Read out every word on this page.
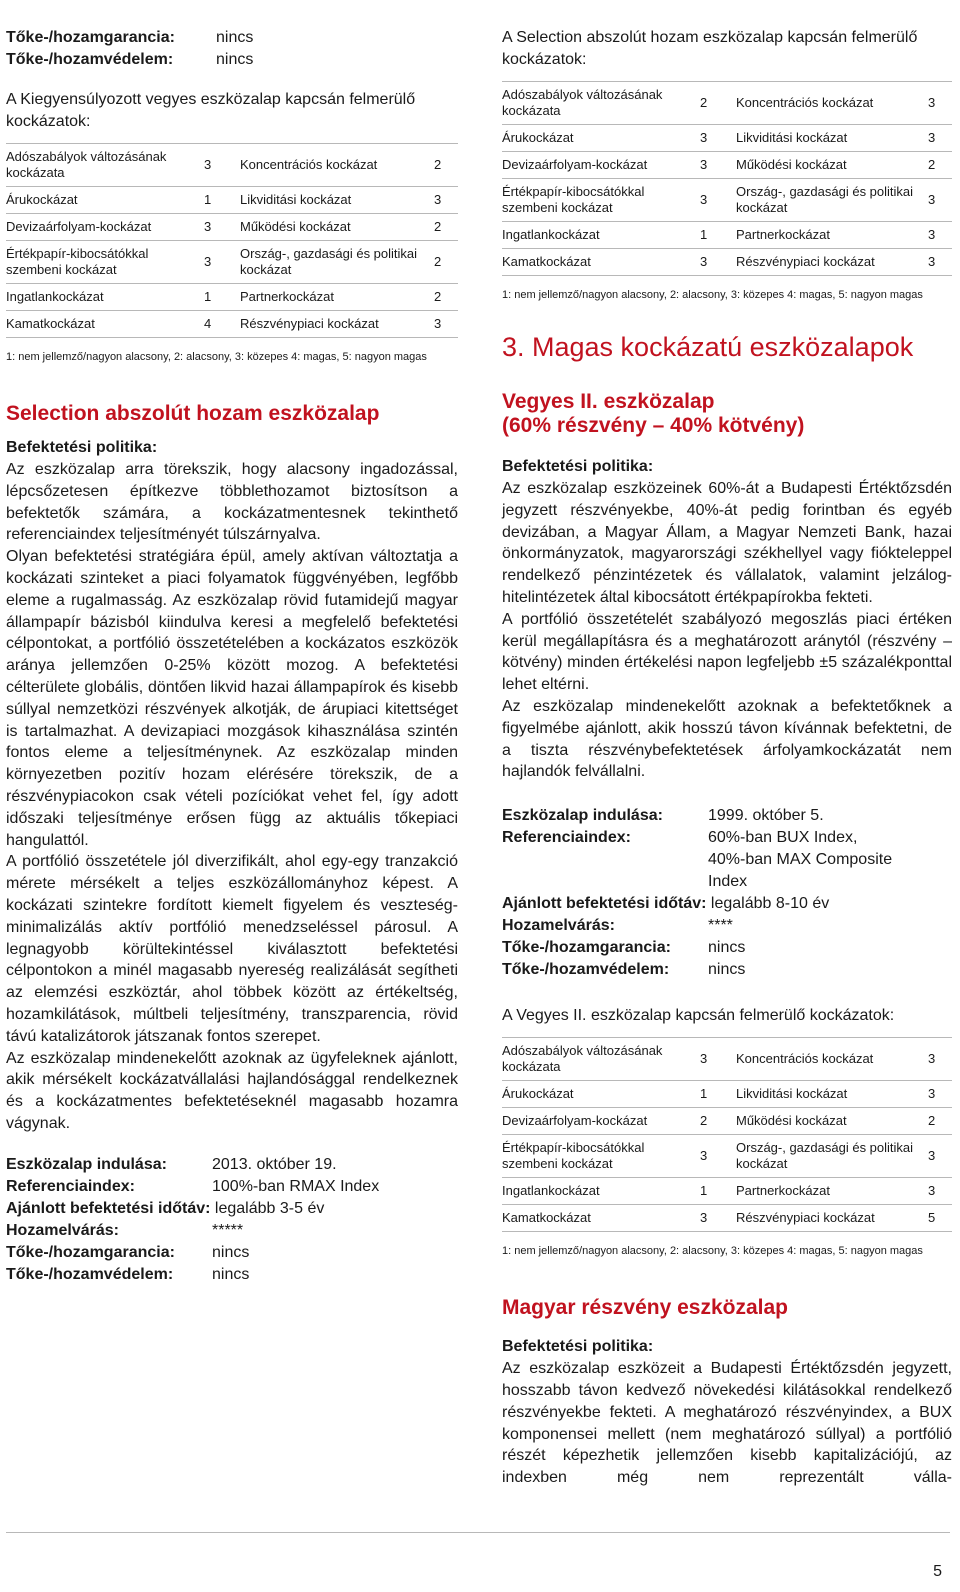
Tőke-/hozamgarancia:	nincs
Tőke-/hozamvédelem:	nincs

A Kiegyensúlyozott vegyes eszközalap kapcsán felmerülő kockázatok:

Adószabályok változásának kockázata	3	Koncentrációs kockázat	2
Árukockázat	1	Likviditási kockázat	3
Devizaárfolyam-kockázat	3	Működési kockázat	2
Értékpapír-kibocsátókkal szembeni kockázat	3	Ország-, gazdasági és politikai kockázat	2
Ingatlankockázat	1	Partnerkockázat	2
Kamatkockázat	4	Részvénypiaci kockázat	3
1: nem jellemző/nagyon alacsony, 2: alacsony, 3: közepes 4: magas, 5: nagyon magas
Selection abszolút hozam eszközalap

Befektetési politika:

Az eszközalap arra törekszik, hogy alacsony ingadozással, lépcsőzetesen építkezve többlethozamot biztosítson a befektetők számára, a kockázatmentesnek tekinthető referenciaindex teljesítményét túlszárnyalva.

Olyan befektetési stratégiára épül, amely aktívan változtatja a kockázati szinteket a piaci folyamatok függvényében, legfőbb eleme a rugalmasság. Az eszközalap rövid futamidejű magyar állampapír bázisból kiindulva keresi a megfelelő befektetési célpontokat, a portfólió összetételében a kockázatos eszközök aránya jellemzően 0-25% között mozog. A befektetési célterülete globális, döntően likvid hazai állampapírok és kisebb súllyal nemzetközi részvények alkotják, de árupiaci kitettséget is tartalmazhat. A devizapiaci mozgások kihasználása szintén fontos eleme a teljesítménynek. Az eszközalap minden környezetben pozitív hozam elérésére törekszik, de a részvénypiacokon csak vételi pozíciókat vehet fel, így adott időszaki teljesítménye erősen függ az aktuális tőkepiaci hangulattól.

A portfólió összetétele jól diverzifikált, ahol egy-egy tranzakció mérete mérsékelt a teljes eszközállományhoz képest. A kockázati szintekre fordított kiemelt figyelem és veszteség-minimalizálás aktív portfólió menedzseléssel párosul. A legnagyobb körültekintéssel kiválasztott befektetési célpontokon a minél magasabb nyereség realizálását segítheti az elemzési eszköztár, ahol többek között az értékeltség, hozamkilátások, múltbeli teljesítmény, transzparencia, rövid távú katalizátorok játszanak fontos szerepet.

Az eszközalap mindenekelőtt azoknak az ügyfeleknek ajánlott, akik mérsékelt kockázatvállalási hajlandósággal rendelkeznek és a kockázatmentes befektetéseknél magasabb hozamra vágynak.

Eszközalap indulása:	2013. október 19.
Referenciaindex:	100%-ban RMAX Index
Ajánlott befektetési időtáv: legalább 3-5 év
Hozamelvárás:	*****
Tőke-/hozamgarancia:	nincs
Tőke-/hozamvédelem:	nincs

A Selection abszolút hozam eszközalap kapcsán felmerülő kockázatok:

Adószabályok változásának kockázata	2	Koncentrációs kockázat	3
Árukockázat	3	Likviditási kockázat	3
Devizaárfolyam-kockázat	3	Működési kockázat	2
Értékpapír-kibocsátókkal szembeni kockázat	3	Ország-, gazdasági és politikai kockázat	3
Ingatlankockázat	1	Partnerkockázat	3
Kamatkockázat	3	Részvénypiaci kockázat	3
1: nem jellemző/nagyon alacsony, 2: alacsony, 3: közepes 4: magas, 5: nagyon magas
3. Magas kockázatú eszközalapok
Vegyes II. eszközalap
(60% részvény – 40% kötvény)

Befektetési politika:

Az eszközalap eszközeinek 60%-át a Budapesti Értéktőzsdén jegyzett részvényekbe, 40%-át pedig forintban és egyéb devizában, a Magyar Állam, a Magyar Nemzeti Bank, hazai önkormányzatok, magyarországi székhellyel vagy fióktelеppel rendelkező pénzintézetek és vállalatok, valamint jelzálog-hitelintézetek által kibocsátott értékpapírokba fekteti.

A portfólió összetételét szabályozó megoszlás piaci értéken kerül megállapításra és a meghatározott aránytól (részvény – kötvény) minden értékelési napon legfeljebb ±5 százalékponttal lehet eltérni.

Az eszközalap mindenekelőtt azoknak a befektetőknek a figyelmébe ajánlott, akik hosszú távon kívánnak befektetni, de a tiszta részvénybefektetések árfolyamkockázatát nem hajlandók felvállalni.

Eszközalap indulása:	1999. október 5.
Referenciaindex:	60%-ban BUX Index,
40%-ban MAX Composite
Index
Ajánlott befektetési időtáv: legalább 8-10 év
Hozamelvárás:	****
Tőke-/hozamgarancia:	nincs
Tőke-/hozamvédelem:	nincs

A Vegyes II. eszközalap kapcsán felmerülő kockázatok:

Adószabályok változásának kockázata	3	Koncentrációs kockázat	3
Árukockázat	1	Likviditási kockázat	3
Devizaárfolyam-kockázat	2	Működési kockázat	2
Értékpapír-kibocsátókkal szembeni kockázat	3	Ország-, gazdasági és politikai kockázat	3
Ingatlankockázat	1	Partnerkockázat	3
Kamatkockázat	3	Részvénypiaci kockázat	5
1: nem jellemző/nagyon alacsony, 2: alacsony, 3: közepes 4: magas, 5: nagyon magas
Magyar részvény eszközalap

Befektetési politika:

Az eszközalap eszközeit a Budapesti Értéktőzsdén jegyzett, hosszabb távon kedvező növekedési kilátásokkal rendelkező részvényekbe fekteti. A meghatározó részvényindex, a BUX komponensei mellett (nem meghatározó súllyal) a portfólió részét képezhetik jellemzően kisebb kapitalizációjú, az indexben még nem reprezentált válla-
5
